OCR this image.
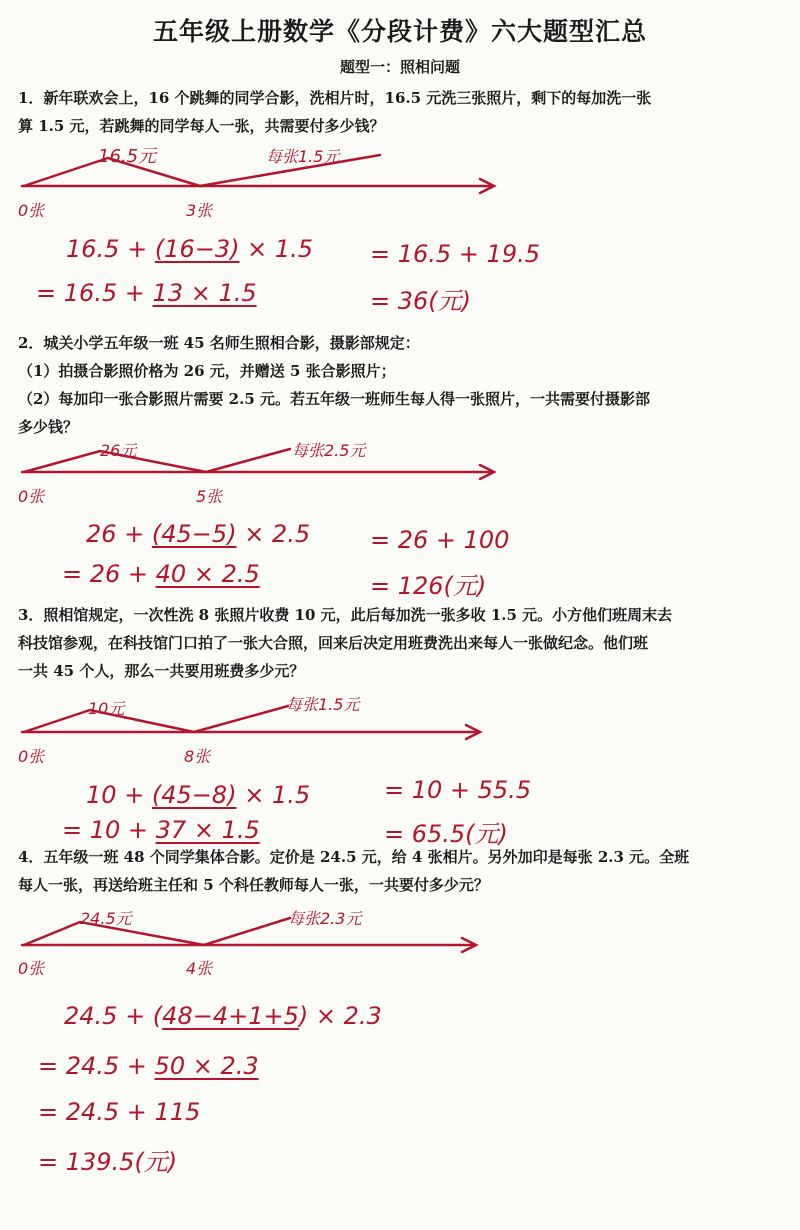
五年级上册数学《分段计费》六大题型汇总
题型一：照相问题
1．新年联欢会上，16 个跳舞的同学合影，洗相片时，16.5 元洗三张照片，剩下的每加洗一张
算 1.5 元，若跳舞的同学每人一张，共需要付多少钱？
16.5元	每张1.5元
0张	3张
16.5 + (16−3) × 1.5
= 16.5 + 13 × 1.5
= 16.5 + 19.5
= 36(元)
2．城关小学五年级一班 45 名师生照相合影，摄影部规定：
（1）拍摄合影照价格为 26 元，并赠送 5 张合影照片；
（2）每加印一张合影照片需要 2.5 元。若五年级一班师生每人得一张照片，一共需要付摄影部
多少钱？
26元	每张2.5元
0张	5张
26 + (45−5) × 2.5
= 26 + 40 × 2.5
= 26 + 100
= 126(元)
3．照相馆规定，一次性洗 8 张照片收费 10 元，此后每加洗一张多收 1.5 元。小方他们班周末去
科技馆参观，在科技馆门口拍了一张大合照，回来后决定用班费洗出来每人一张做纪念。他们班
一共 45 个人，那么一共要用班费多少元？
10元	每张1.5元
0张	8张
10 + (45−8) × 1.5
= 10 + 37 × 1.5
= 10 + 55.5
= 65.5(元)
4．五年级一班 48 个同学集体合影。定价是 24.5 元，给 4 张相片。另外加印是每张 2.3 元。全班
每人一张，再送给班主任和 5 个科任教师每人一张，一共要付多少元？
24.5元	每张2.3元
0张	4张
24.5 + (48−4+1+5) × 2.3
= 24.5 + 50 × 2.3
= 24.5 + 115
= 139.5(元)
